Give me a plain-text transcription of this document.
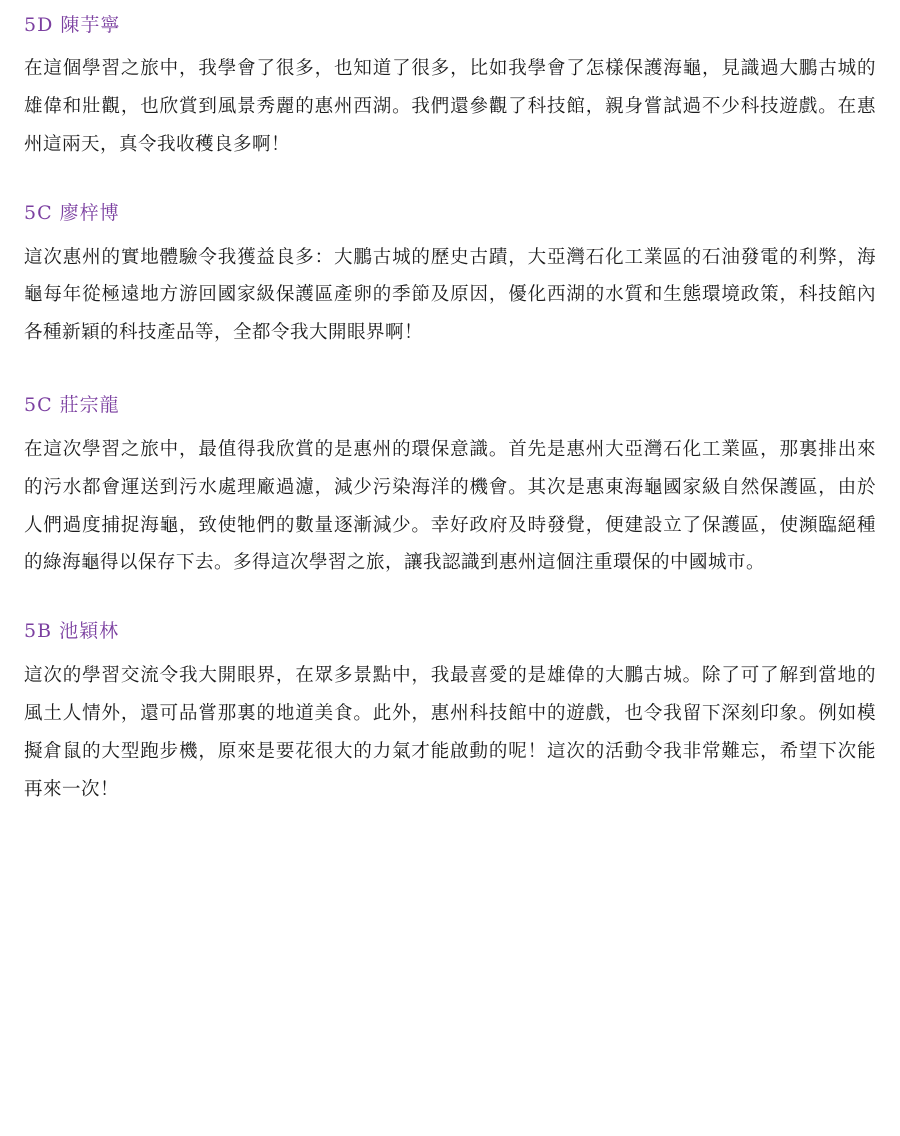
5D 陳芋寧

在這個學習之旅中，我學會了很多，也知道了很多，比如我學會了怎樣保護海龜，見識過大鵬古城的雄偉和壯觀，也欣賞到風景秀麗的惠州西湖。我們還參觀了科技館，親身嘗試過不少科技遊戲。在惠州這兩天，真令我收穫良多啊！

5C 廖梓博

這次惠州的實地體驗令我獲益良多：大鵬古城的歷史古蹟，大亞灣石化工業區的石油發電的利弊，海龜每年從極遠地方游回國家級保護區產卵的季節及原因，優化西湖的水質和生態環境政策，科技館內各種新穎的科技產品等，全都令我大開眼界啊！

5C 莊宗龍

在這次學習之旅中，最值得我欣賞的是惠州的環保意識。首先是惠州大亞灣石化工業區，那裏排出來的污水都會運送到污水處理廠過濾，減少污染海洋的機會。其次是惠東海龜國家級自然保護區，由於人們過度捕捉海龜，致使牠們的數量逐漸減少。幸好政府及時發覺，便建設立了保護區，使瀕臨絕種的綠海龜得以保存下去。多得這次學習之旅，讓我認識到惠州這個注重環保的中國城市。

5B 池穎林

這次的學習交流令我大開眼界，在眾多景點中，我最喜愛的是雄偉的大鵬古城。除了可了解到當地的風土人情外，還可品嘗那裏的地道美食。此外，惠州科技館中的遊戲，也令我留下深刻印象。例如模擬倉鼠的大型跑步機，原來是要花很大的力氣才能啟動的呢！這次的活動令我非常難忘，希望下次能再來一次！
